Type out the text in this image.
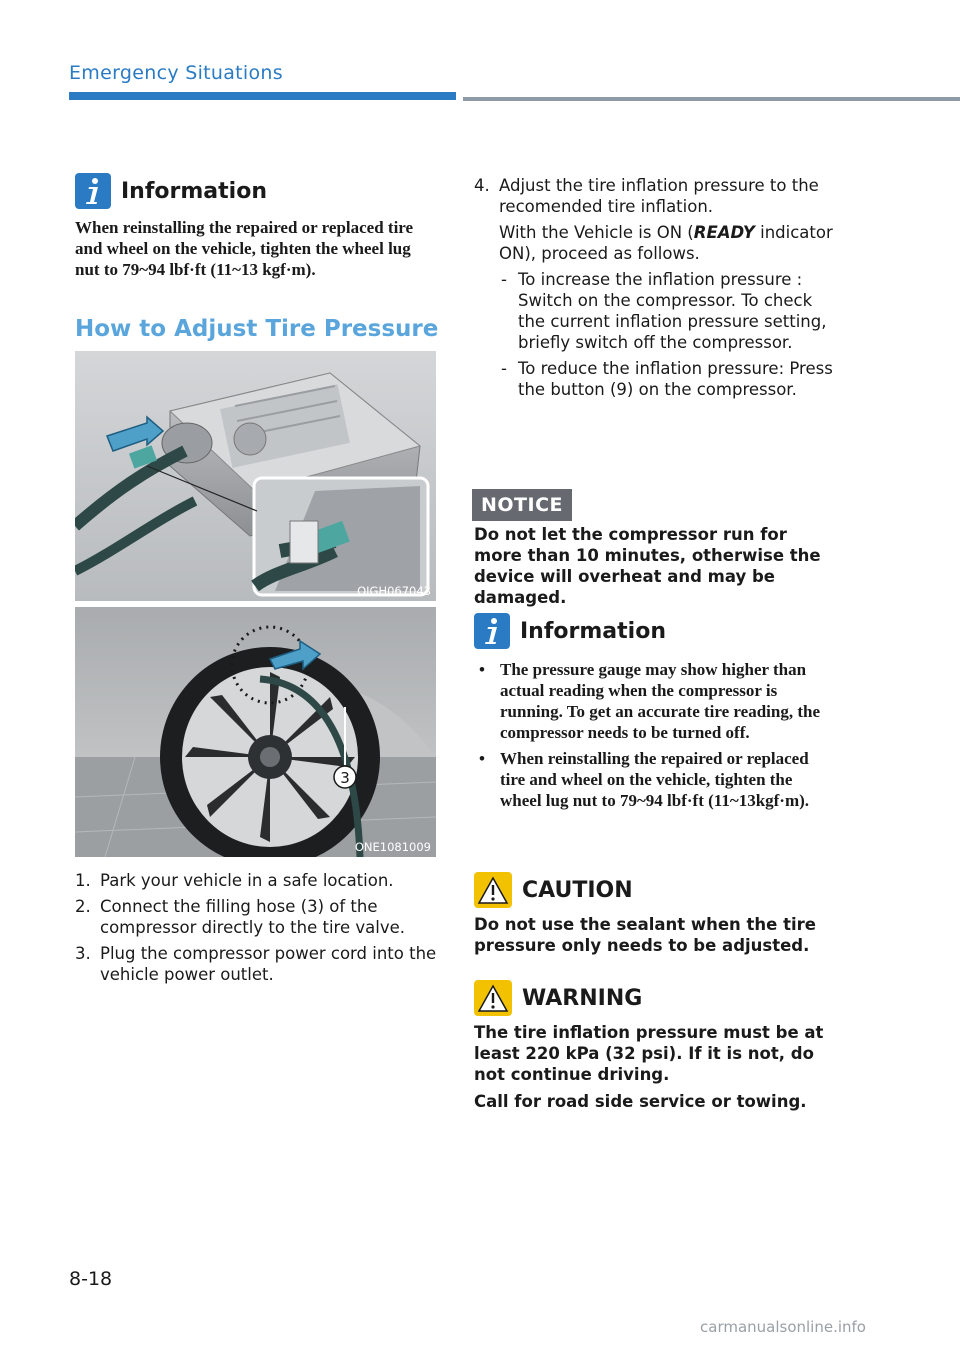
Emergency Situations
Information
When reinstalling the repaired or replaced tire and wheel on the vehicle, tighten the wheel lug nut to 79~94 lbf·ft (11~13 kgf·m).
How to Adjust Tire Pressure
OIGH067043
3
ONE1081009
1. Park your vehicle in a safe location.
2. Connect the filling hose (3) of the compressor directly to the tire valve.
3. Plug the compressor power cord into the vehicle power outlet.
4. Adjust the tire inflation pressure to the recomended tire inflation.
With the Vehicle is ON (READY indicator ON), proceed as follows.
- To increase the inflation pressure : Switch on the compressor. To check the current inflation pressure setting, briefly switch off the compressor.
- To reduce the inflation pressure: Press the button (9) on the compressor.
NOTICE
Do not let the compressor run for more than 10 minutes, otherwise the device will overheat and may be damaged.
Information
• The pressure gauge may show higher than actual reading when the compressor is running. To get an accurate tire reading, the compressor needs to be turned off.
• When reinstalling the repaired or replaced tire and wheel on the vehicle, tighten the wheel lug nut to 79~94 lbf·ft (11~13kgf·m).
CAUTION
Do not use the sealant when the tire pressure only needs to be adjusted.
WARNING
The tire inflation pressure must be at least 220 kPa (32 psi). If it is not, do not continue driving.
Call for road side service or towing.
8-18
carmanualsonline.info
